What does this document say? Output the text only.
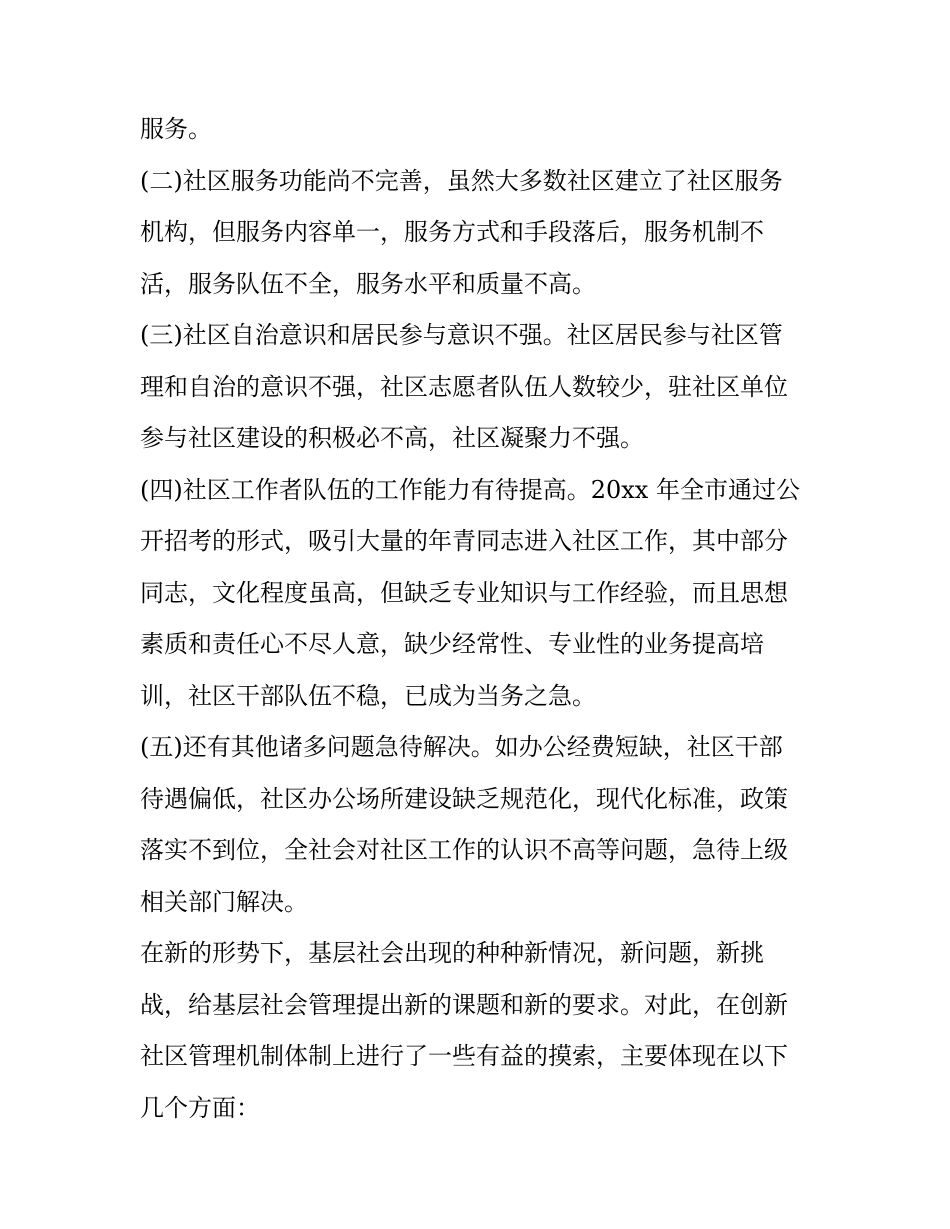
服务。
(二)社区服务功能尚不完善，虽然大多数社区建立了社区服务
机构，但服务内容单一，服务方式和手段落后，服务机制不
活，服务队伍不全，服务水平和质量不高。
(三)社区自治意识和居民参与意识不强。社区居民参与社区管
理和自治的意识不强，社区志愿者队伍人数较少，驻社区单位
参与社区建设的积极必不高，社区凝聚力不强。
(四)社区工作者队伍的工作能力有待提高。20xx 年全市通过公
开招考的形式，吸引大量的年青同志进入社区工作，其中部分
同志，文化程度虽高，但缺乏专业知识与工作经验，而且思想
素质和责任心不尽人意，缺少经常性、专业性的业务提高培
训，社区干部队伍不稳，已成为当务之急。
(五)还有其他诸多问题急待解决。如办公经费短缺，社区干部
待遇偏低，社区办公场所建设缺乏规范化，现代化标准，政策
落实不到位，全社会对社区工作的认识不高等问题，急待上级
相关部门解决。
在新的形势下，基层社会出现的种种新情况，新问题，新挑
战，给基层社会管理提出新的课题和新的要求。对此，在创新
社区管理机制体制上进行了一些有益的摸索，主要体现在以下
几个方面：
